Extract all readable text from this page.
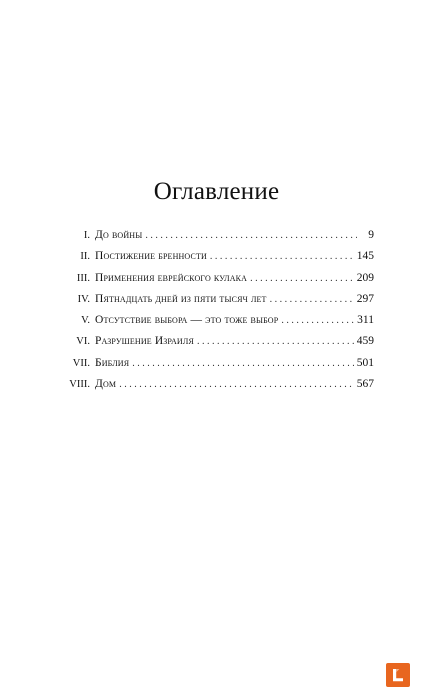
Оглавление
I. До войны . . .	9
II. Постижение бренности . . .	145
III. Применения еврейского кулака . . .	209
IV. Пятнадцать дней из пяти тысяч лет . . .	297
V. Отсутствие выбора — это тоже выбор . . .	311
VI. Разрушение Израиля . . .	459
VII. Библия . . .	501
VIII. Дом . . .	567
